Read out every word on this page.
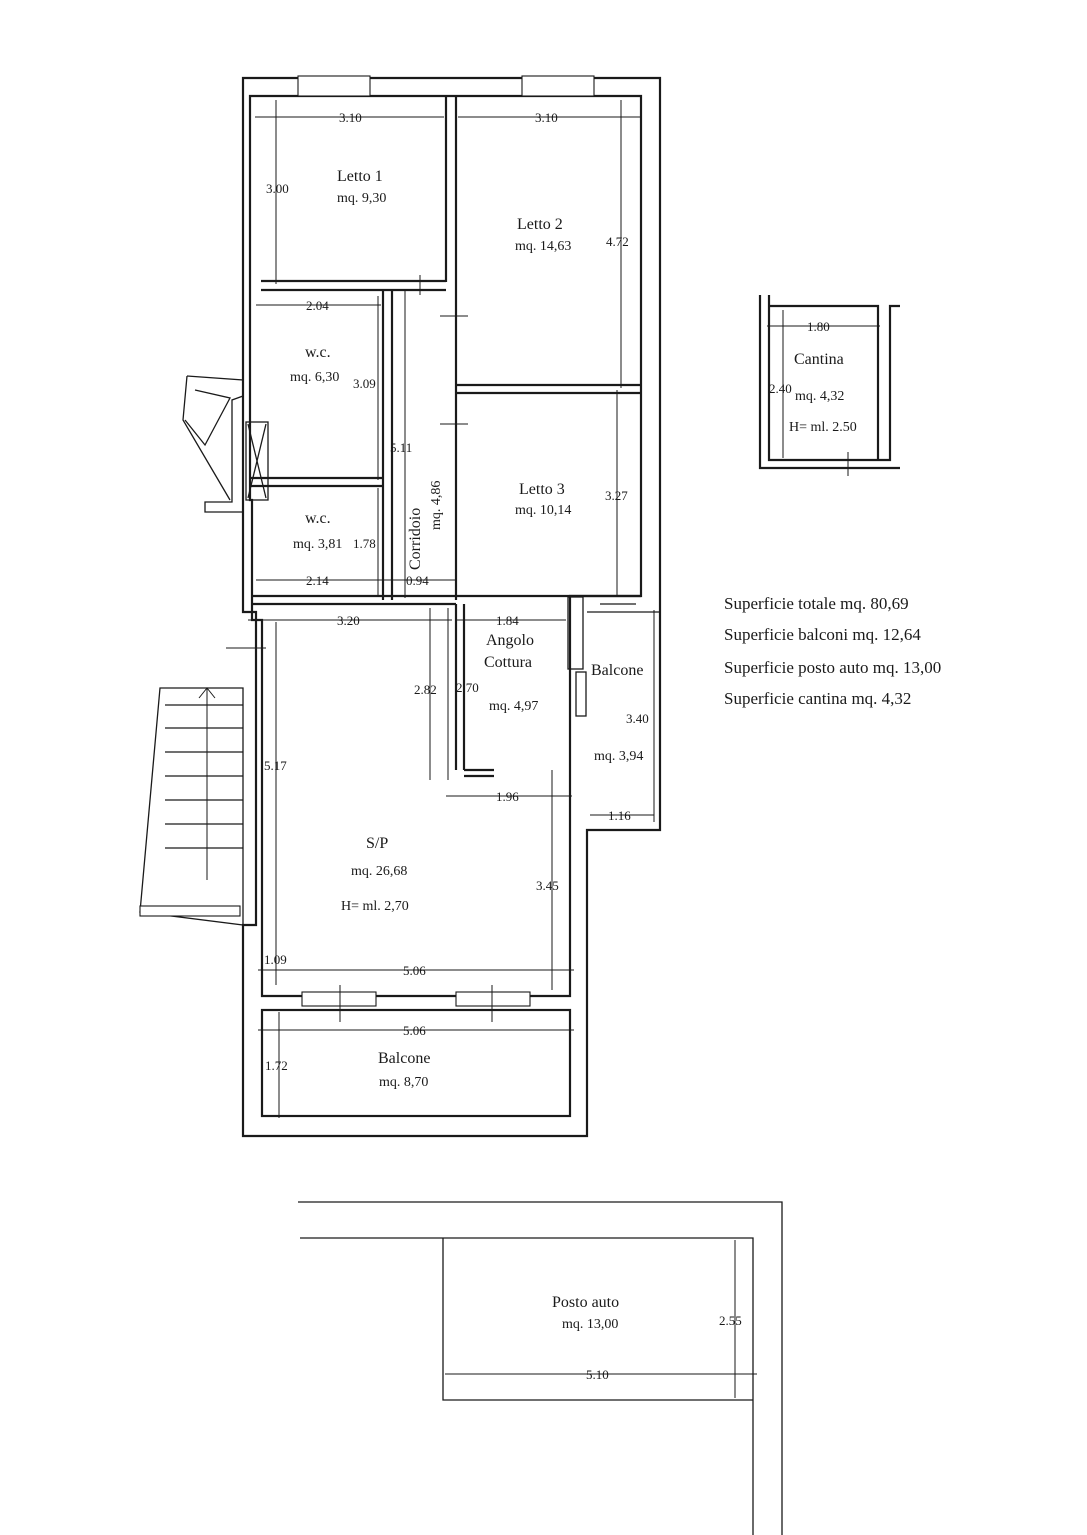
Letto 1
mq. 9,30
Letto 2
mq. 14,63
w.c.
mq. 6,30
w.c.
mq. 3,81	Corridoio
mq. 4,86	Letto 3
mq. 10,14
Angolo
Cottura
mq. 4,97
Balcone
mq. 3,94
S/P
mq. 26,68
H= ml. 2,70
Balcone
mq. 8,70
Cantina
mq. 4,32
H= ml. 2.50
Posto auto
mq. 13,00
3.10	3.10
3.00
4.72
2.04
3.09
5.11
3.27
1.78
2.14	0.94
3.20	1.84
2.82 2.70
3.40
5.17
1.96
1.16
3.45
1.09
5.06
5.06
1.72
1.80
2.40
2.55
5.10
Superficie totale mq. 80,69
Superficie balconi mq. 12,64
Superficie posto auto mq. 13,00
Superficie cantina mq. 4,32
